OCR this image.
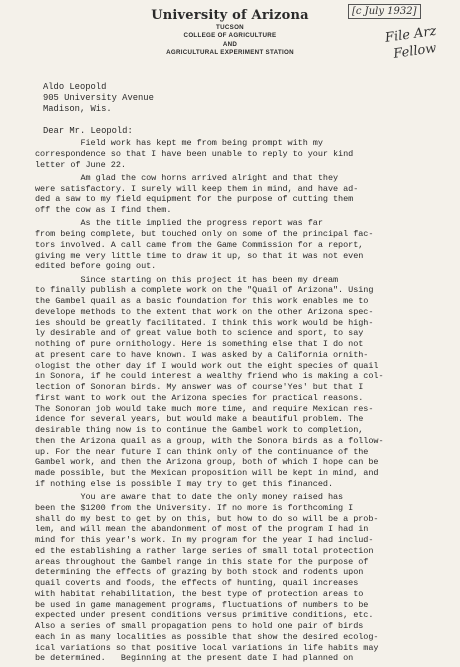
[c July 1932]
File Arz
Fellow
University of Arizona
TUCSON
COLLEGE OF AGRICULTURE
AND
AGRICULTURAL EXPERIMENT STATION
Aldo Leopold
905 University Avenue
Madison, Wis.
Dear Mr. Leopold:
Field work has kept me from being prompt with my
correspondence so that I have been unable to reply to your kind
letter of June 22.
Am glad the cow horns arrived alright and that they
were satisfactory. I surely will keep them in mind, and have ad-
ded a saw to my field equipment for the purpose of cutting them
off the cow as I find them.
As the title implied the progress report was far
from being complete, but touched only on some of the principal fac-
tors involved. A call came from the Game Commission for a report,
giving me very little time to draw it up, so that it was not even
edited before going out.
Since starting on this project it has been my dream
to finally publish a complete work on the "Quail of Arizona". Using
the Gambel quail as a basic foundation for this work enables me to
develope methods to the extent that work on the other Arizona spec-
ies should be greatly facilitated. I think this work would be high-
ly desirable and of great value both to science and sport, to say
nothing of pure ornithology. Here is something else that I do not
at present care to have known. I was asked by a California ornith-
ologist the other day if I would work out the eight species of quail
in Sonora, if he could interest a wealthy friend who is making a col-
lection of Sonoran birds. My answer was of course'Yes' but that I
first want to work out the Arizona species for practical reasons.
The Sonoran job would take much more time, and require Mexican res-
idence for several years, but would make a beautiful problem. The
desirable thing now is to continue the Gambel work to completion,
then the Arizona quail as a group, with the Sonora birds as a follow-
up. For the near future I can think only of the continuance of the
Gambel work, and then the Arizona group, both of which I hope can be
made possible, but the Mexican proposition will be kept in mind, and
if nothing else is possible I may try to get this financed.
You are aware that to date the only money raised has
been the $1200 from the University. If no more is forthcoming I
shall do my best to get by on this, but how to do so will be a prob-
lem, and will mean the abandonment of most of the program I had in
mind for this year's work. In my program for the year I had includ-
ed the establishing a rather large series of small total protection
areas throughout the Gambel range in this state for the purpose of
determining the effects of grazing by both stock and rodents upon
quail coverts and foods, the effects of hunting, quail increases
with habitat rehabilitation, the best type of protection areas to
be used in game management programs, fluctuations of numbers to be
expected under present conditions versus primitive conditions, etc.
Also a series of small propagation pens to hold one pair of birds
each in as many localities as possible that show the desired ecolog-
ical variations so that positive local variations in life habits may
be determined.   Beginning at the present date I had planned on
